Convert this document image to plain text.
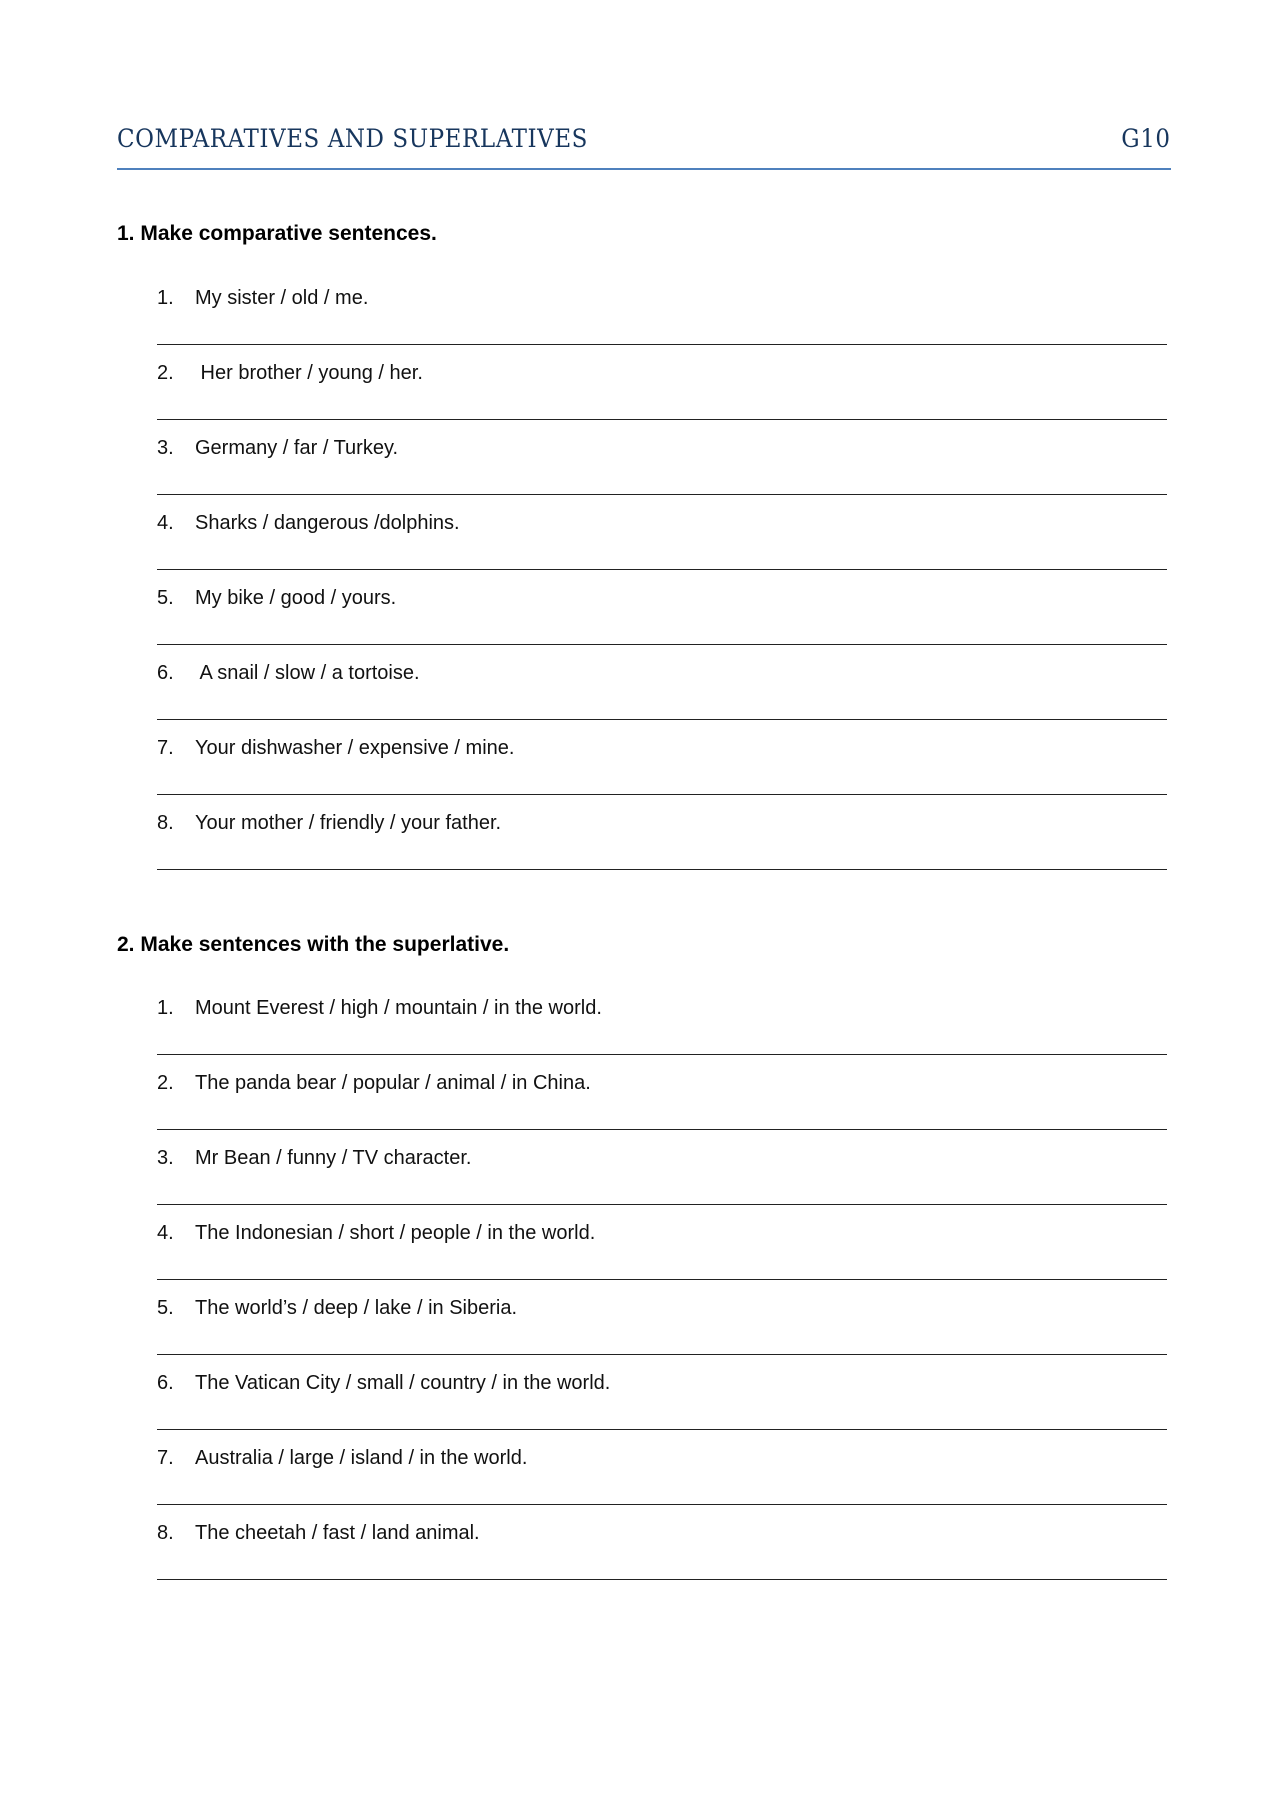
COMPARATIVES AND SUPERLATIVES	G10
1. Make comparative sentences.
1.	My sister / old / me.
2.	Her brother / young / her.
3.	Germany / far / Turkey.
4.	Sharks / dangerous /dolphins.
5.	My bike / good / yours.
6.	A snail / slow / a tortoise.
7.	Your dishwasher / expensive / mine.
8.	Your mother / friendly / your father.
2. Make sentences with the superlative.
1.	Mount Everest / high / mountain / in the world.
2.	The panda bear / popular / animal / in China.
3.	Mr Bean / funny / TV character.
4.	The Indonesian / short / people / in the world.
5.	The world’s / deep / lake / in Siberia.
6.	The Vatican City / small / country / in the world.
7.	Australia / large / island / in the world.
8.	The cheetah / fast / land animal.
